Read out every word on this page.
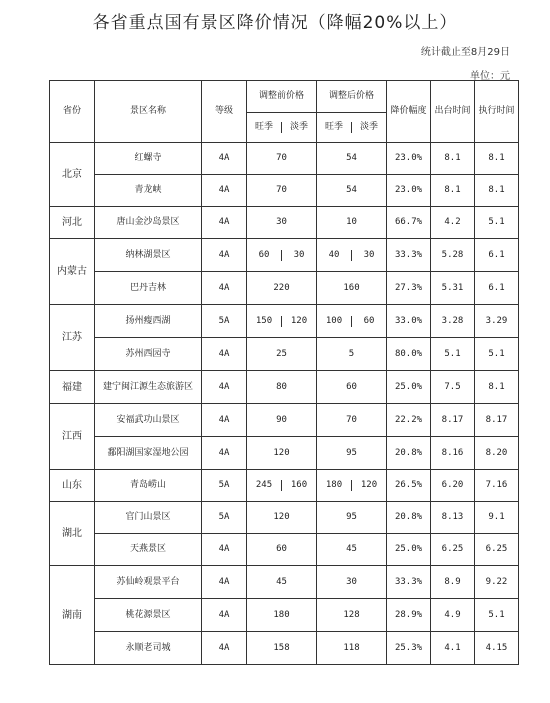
各省重点国有景区降价情况（降幅20%以上）
统计截止至8月29日
单位：元
省份	景区名称	等级	调整前价格	调整后价格	降价幅度	出台时间	执行时间

旺季 淡季	旺季 淡季			

北京	红螺寺	4A	70	54	23.0%	8.1	8.1
	青龙峡	4A	70	54	23.0%	8.1	8.1
河北	唐山金沙岛景区	4A	30	10	66.7%	4.2	5.1
内蒙古	纳林湖景区	4A	60 30	40 30	33.3%	5.28	6.1
	巴丹吉林	4A	220	160	27.3%	5.31	6.1
江苏	扬州瘦西湖	5A	150 120	100 60	33.0%	3.28	3.29
	苏州西园寺	4A	25	5	80.0%	5.1	5.1
福建	建宁闽江源生态旅游区	4A	80	60	25.0%	7.5	8.1
江西	安福武功山景区	4A	90	70	22.2%	8.17	8.17
	鄱阳湖国家湿地公园	4A	120	95	20.8%	8.16	8.20
山东	青岛崂山	5A	245 160	180 120	26.5%	6.20	7.16
湖北	官门山景区	5A	120	95	20.8%	8.13	9.1
	天燕景区	4A	60	45	25.0%	6.25	6.25
湖南	苏仙岭观景平台	4A	45	30	33.3%	8.9	9.22
	桃花源景区	4A	180	128	28.9%	4.9	5.1
	永顺老司城	4A	158	118	25.3%	4.1	4.15
